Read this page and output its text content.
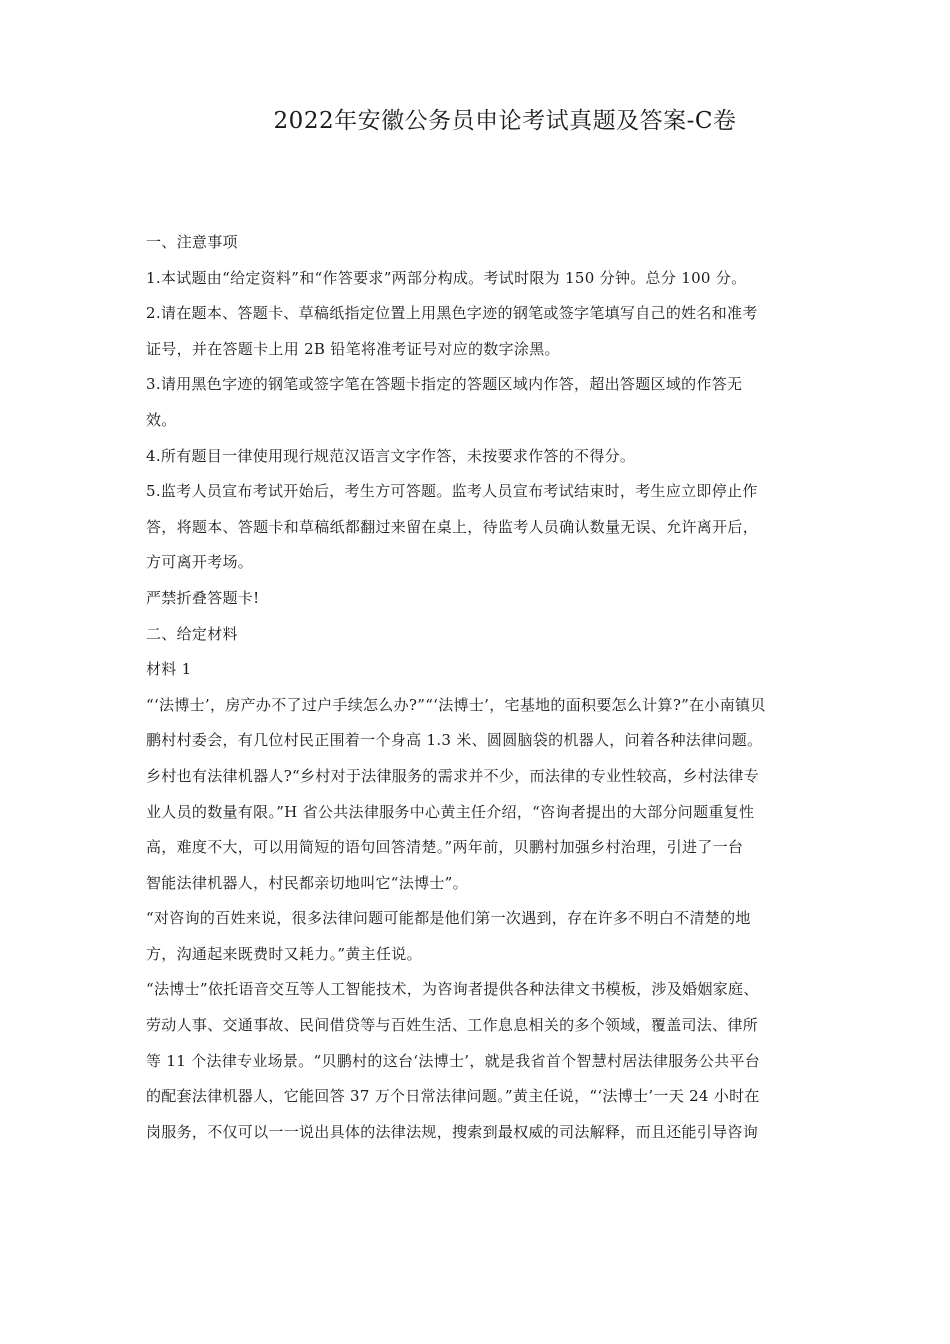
2022年安徽公务员申论考试真题及答案-C卷
一、注意事项
1.本试题由“给定资料”和“作答要求”两部分构成。考试时限为 150 分钟。总分 100 分。
2.请在题本、答题卡、草稿纸指定位置上用黑色字迹的钢笔或签字笔填写自己的姓名和准考
证号，并在答题卡上用 2B 铅笔将准考证号对应的数字涂黑。
3.请用黑色字迹的钢笔或签字笔在答题卡指定的答题区域内作答，超出答题区域的作答无
效。
4.所有题目一律使用现行规范汉语言文字作答，未按要求作答的不得分。
5.监考人员宣布考试开始后，考生方可答题。监考人员宣布考试结束时，考生应立即停止作
答，将题本、答题卡和草稿纸都翻过来留在桌上，待监考人员确认数量无误、允许离开后，
方可离开考场。
严禁折叠答题卡!
二、给定材料
材料 1
“‘法博士’，房产办不了过户手续怎么办?”“‘法博士’，宅基地的面积要怎么计算?”在小南镇贝
鹏村村委会，有几位村民正围着一个身高 1.3 米、圆圆脑袋的机器人，问着各种法律问题。
乡村也有法律机器人?“乡村对于法律服务的需求并不少，而法律的专业性较高，乡村法律专
业人员的数量有限。”H 省公共法律服务中心黄主任介绍，“咨询者提出的大部分问题重复性
高，难度不大，可以用简短的语句回答清楚。”两年前，贝鹏村加强乡村治理，引进了一台
智能法律机器人，村民都亲切地叫它“法博士”。
“对咨询的百姓来说，很多法律问题可能都是他们第一次遇到，存在许多不明白不清楚的地
方，沟通起来既费时又耗力。”黄主任说。
“法博士”依托语音交互等人工智能技术，为咨询者提供各种法律文书模板，涉及婚姻家庭、
劳动人事、交通事故、民间借贷等与百姓生活、工作息息相关的多个领域，覆盖司法、律所
等 11 个法律专业场景。“贝鹏村的这台‘法博士’，就是我省首个智慧村居法律服务公共平台
的配套法律机器人，它能回答 37 万个日常法律问题。”黄主任说，“‘法博士’一天 24 小时在
岗服务，不仅可以一一说出具体的法律法规，搜索到最权威的司法解释，而且还能引导咨询
